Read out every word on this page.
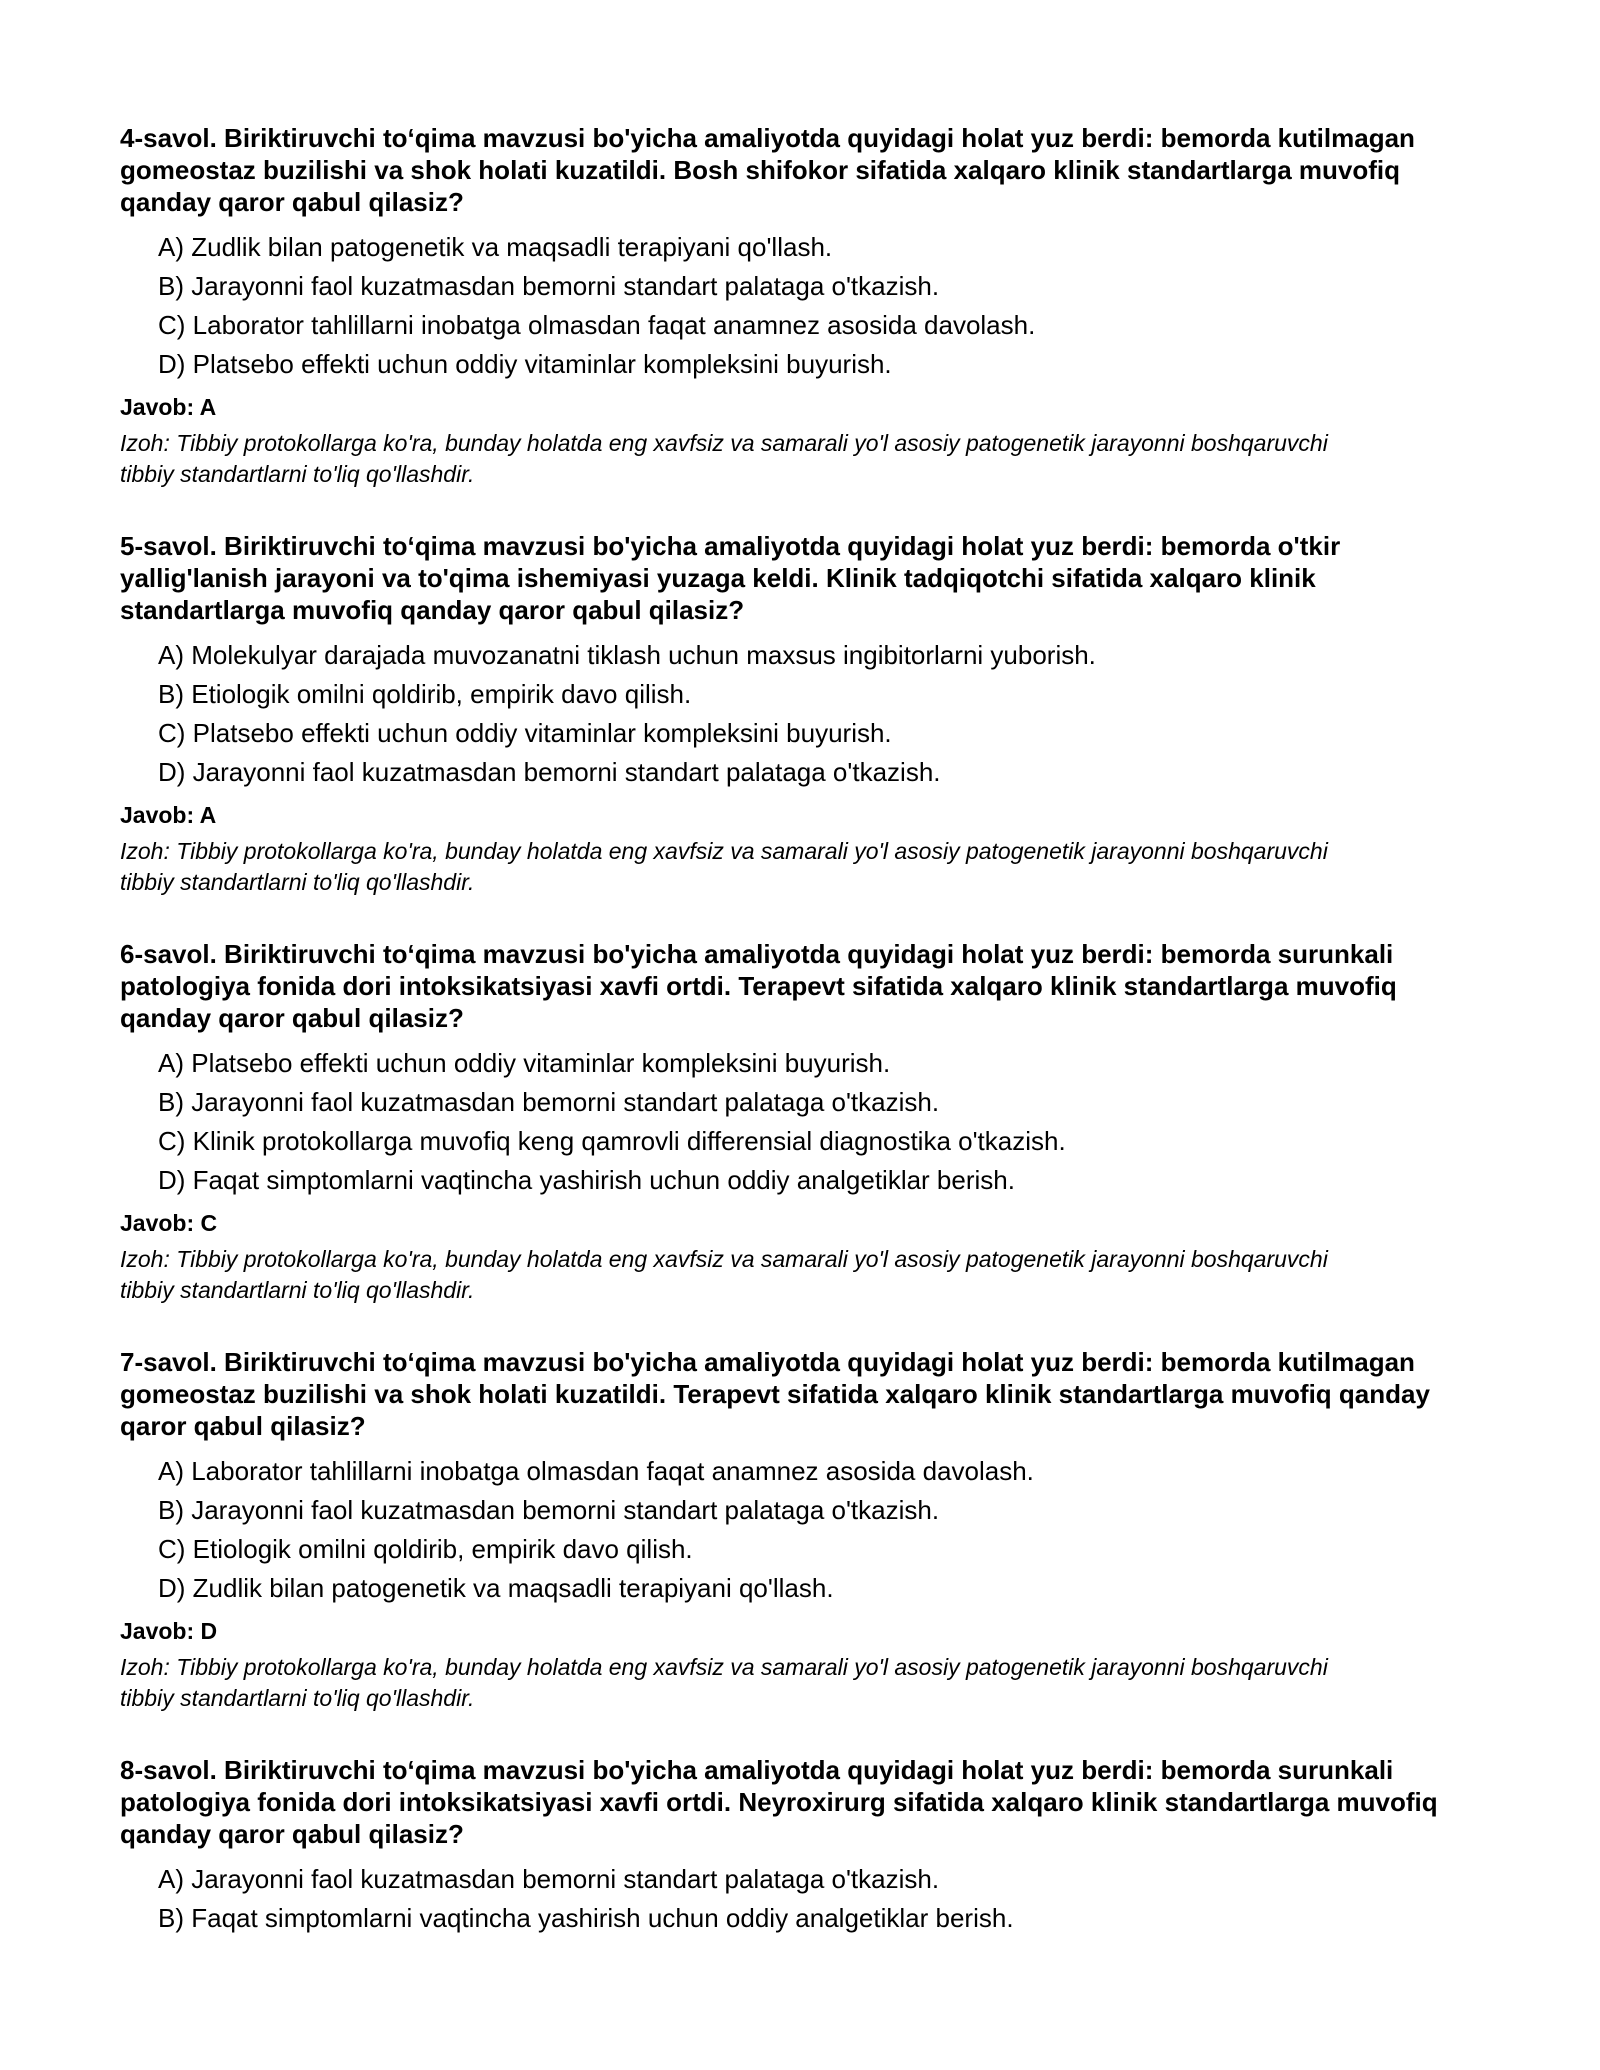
4-savol. Biriktiruvchi to‘qima mavzusi bo'yicha amaliyotda quyidagi holat yuz berdi: bemorda kutilmagan gomeostaz buzilishi va shok holati kuzatildi. Bosh shifokor sifatida xalqaro klinik standartlarga muvofiq qanday qaror qabul qilasiz?

A) Zudlik bilan patogenetik va maqsadli terapiyani qo'llash.
B) Jarayonni faol kuzatmasdan bemorni standart palataga o'tkazish.
C) Laborator tahlillarni inobatga olmasdan faqat anamnez asosida davolash.
D) Platsebo effekti uchun oddiy vitaminlar kompleksini buyurish.

Javob: A

Izoh: Tibbiy protokollarga ko'ra, bunday holatda eng xavfsiz va samarali yo'l asosiy patogenetik jarayonni boshqaruvchi tibbiy standartlarni to'liq qo'llashdir.

5-savol. Biriktiruvchi to‘qima mavzusi bo'yicha amaliyotda quyidagi holat yuz berdi: bemorda o'tkir yallig'lanish jarayoni va to'qima ishemiyasi yuzaga keldi. Klinik tadqiqotchi sifatida xalqaro klinik standartlarga muvofiq qanday qaror qabul qilasiz?

A) Molekulyar darajada muvozanatni tiklash uchun maxsus ingibitorlarni yuborish.
B) Etiologik omilni qoldirib, empirik davo qilish.
C) Platsebo effekti uchun oddiy vitaminlar kompleksini buyurish.
D) Jarayonni faol kuzatmasdan bemorni standart palataga o'tkazish.

Javob: A

Izoh: Tibbiy protokollarga ko'ra, bunday holatda eng xavfsiz va samarali yo'l asosiy patogenetik jarayonni boshqaruvchi tibbiy standartlarni to'liq qo'llashdir.

6-savol. Biriktiruvchi to‘qima mavzusi bo'yicha amaliyotda quyidagi holat yuz berdi: bemorda surunkali patologiya fonida dori intoksikatsiyasi xavfi ortdi. Terapevt sifatida xalqaro klinik standartlarga muvofiq qanday qaror qabul qilasiz?

A) Platsebo effekti uchun oddiy vitaminlar kompleksini buyurish.
B) Jarayonni faol kuzatmasdan bemorni standart palataga o'tkazish.
C) Klinik protokollarga muvofiq keng qamrovli differensial diagnostika o'tkazish.
D) Faqat simptomlarni vaqtincha yashirish uchun oddiy analgetiklar berish.

Javob: C

Izoh: Tibbiy protokollarga ko'ra, bunday holatda eng xavfsiz va samarali yo'l asosiy patogenetik jarayonni boshqaruvchi tibbiy standartlarni to'liq qo'llashdir.

7-savol. Biriktiruvchi to‘qima mavzusi bo'yicha amaliyotda quyidagi holat yuz berdi: bemorda kutilmagan gomeostaz buzilishi va shok holati kuzatildi. Terapevt sifatida xalqaro klinik standartlarga muvofiq qanday qaror qabul qilasiz?

A) Laborator tahlillarni inobatga olmasdan faqat anamnez asosida davolash.
B) Jarayonni faol kuzatmasdan bemorni standart palataga o'tkazish.
C) Etiologik omilni qoldirib, empirik davo qilish.
D) Zudlik bilan patogenetik va maqsadli terapiyani qo'llash.

Javob: D

Izoh: Tibbiy protokollarga ko'ra, bunday holatda eng xavfsiz va samarali yo'l asosiy patogenetik jarayonni boshqaruvchi tibbiy standartlarni to'liq qo'llashdir.

8-savol. Biriktiruvchi to‘qima mavzusi bo'yicha amaliyotda quyidagi holat yuz berdi: bemorda surunkali patologiya fonida dori intoksikatsiyasi xavfi ortdi. Neyroxirurg sifatida xalqaro klinik standartlarga muvofiq qanday qaror qabul qilasiz?

A) Jarayonni faol kuzatmasdan bemorni standart palataga o'tkazish.
B) Faqat simptomlarni vaqtincha yashirish uchun oddiy analgetiklar berish.
